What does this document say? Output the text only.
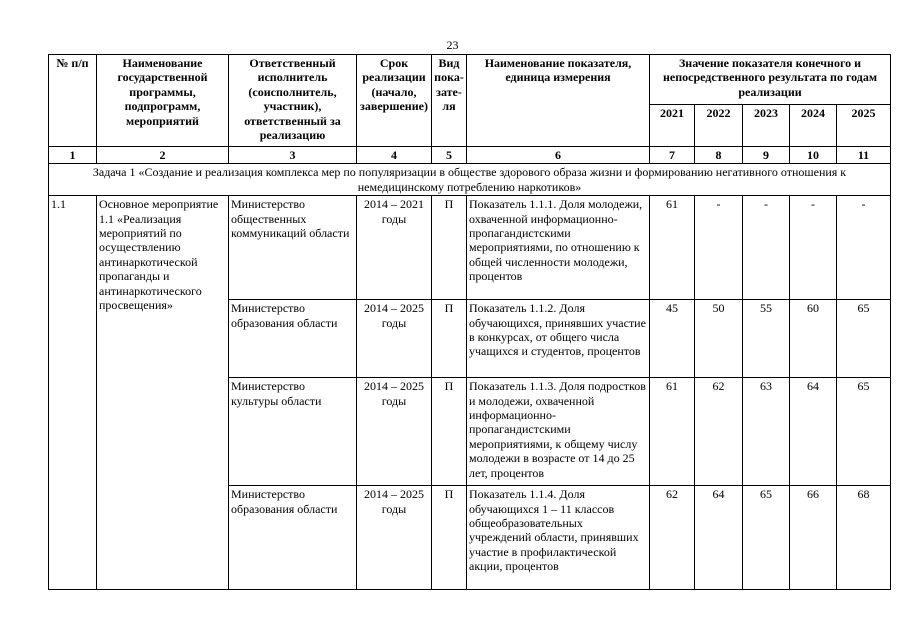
23
№ п/п	Наименование государственной программы, подпрограмм, мероприятий	Ответственный исполнитель (соисполнитель, участник), ответственный за реализацию	Срок реализации (начало, завершение)	Вид пока-зате-ля	Наименование показателя, единица измерения	Значение показателя конечного и непосредственного результата по годам реализации				
						2021	2022	2023	2024	2025
1	2	3	4	5	6	7	8	9	10	11
Задача 1 «Создание и реализация комплекса мер по популяризации в обществе здорового образа жизни и формированию негативного отношения к немедицинскому потреблению наркотиков»										
1.1	Основное мероприятие 1.1 «Реализация мероприятий по осуществлению антинаркотической пропаганды и антинаркотического просвещения»	Министерство общественных коммуникаций области	2014 – 2021 годы	П	Показатель 1.1.1. Доля молодежи, охваченной информационно-пропагандистскими мероприятиями, по отношению к общей численности молодежи, процентов	61	-	-	-	-
		Министерство образования области	2014 – 2025 годы	П	Показатель 1.1.2. Доля обучающихся, принявших участие в конкурсах, от общего числа учащихся и студентов, процентов	45	50	55	60	65
		Министерство культуры области	2014 – 2025 годы	П	Показатель 1.1.3. Доля подростков и молодежи, охваченной информационно-пропагандистскими мероприятиями, к общему числу молодежи в возрасте от 14 до 25 лет, процентов	61	62	63	64	65
		Министерство образования области	2014 – 2025 годы	П	Показатель 1.1.4. Доля обучающихся 1 – 11 классов общеобразовательных учреждений области, принявших участие в профилактической акции, процентов	62	64	65	66	68
